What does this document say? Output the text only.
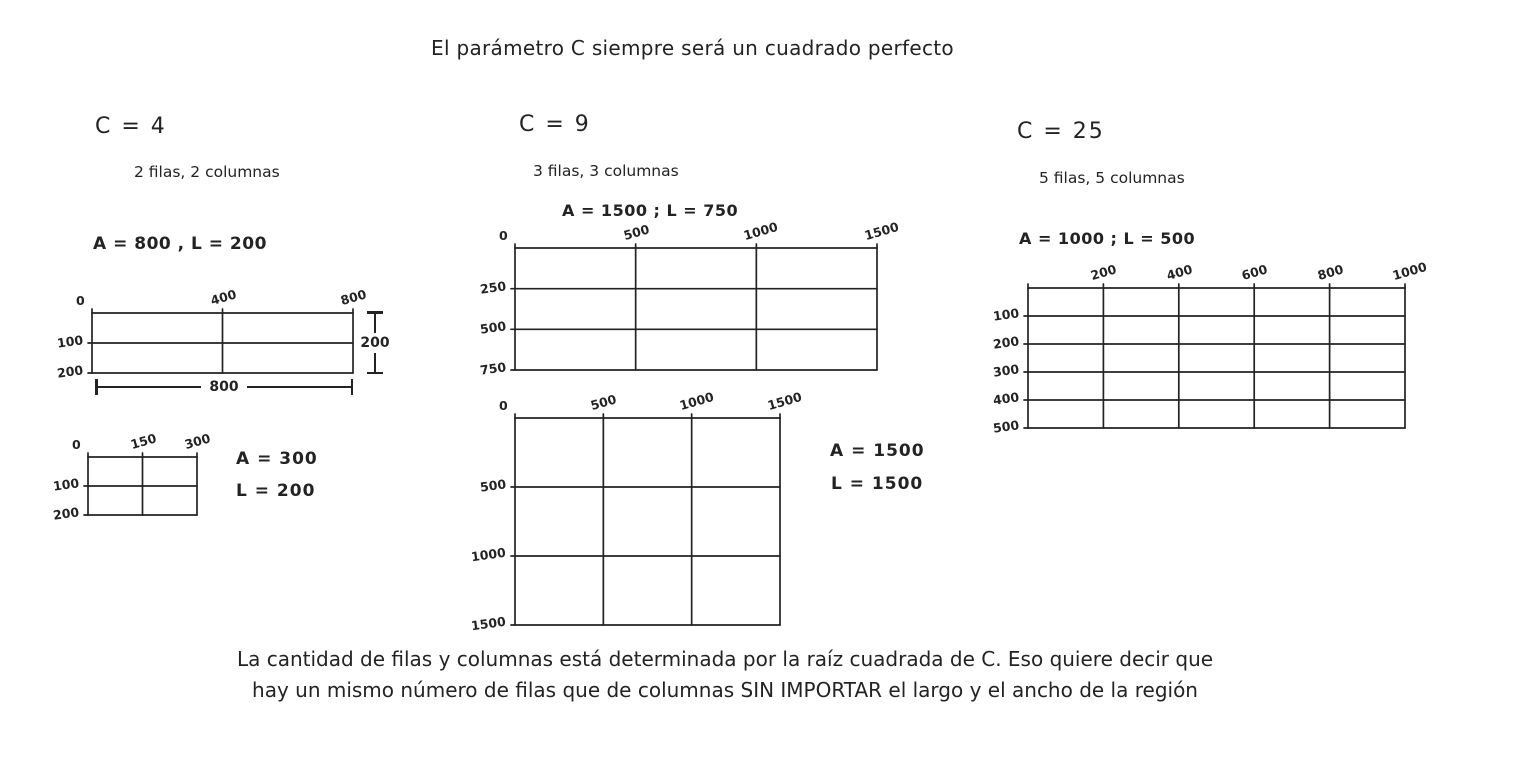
El parámetro C siempre será un cuadrado perfecto
C = 4
2 filas, 2 columnas
A = 800 , L = 200
0	400	800
100
200
800
200
0	150 300
100
200
A = 300
L = 200
C = 9
3 filas, 3 columnas
A = 1500 ; L = 750
0	500	1000	1500
250
500
750
0	500	1000	1500
500
1000
1500
A = 1500
L = 1500
C = 25
5 filas, 5 columnas
A = 1000 ; L = 500
200	400	600	800	1000
100
200
300
400
500
La cantidad de filas y columnas está determinada por la raíz cuadrada de C. Eso quiere decir que
hay un mismo número de filas que de columnas SIN IMPORTAR el largo y el ancho de la región
